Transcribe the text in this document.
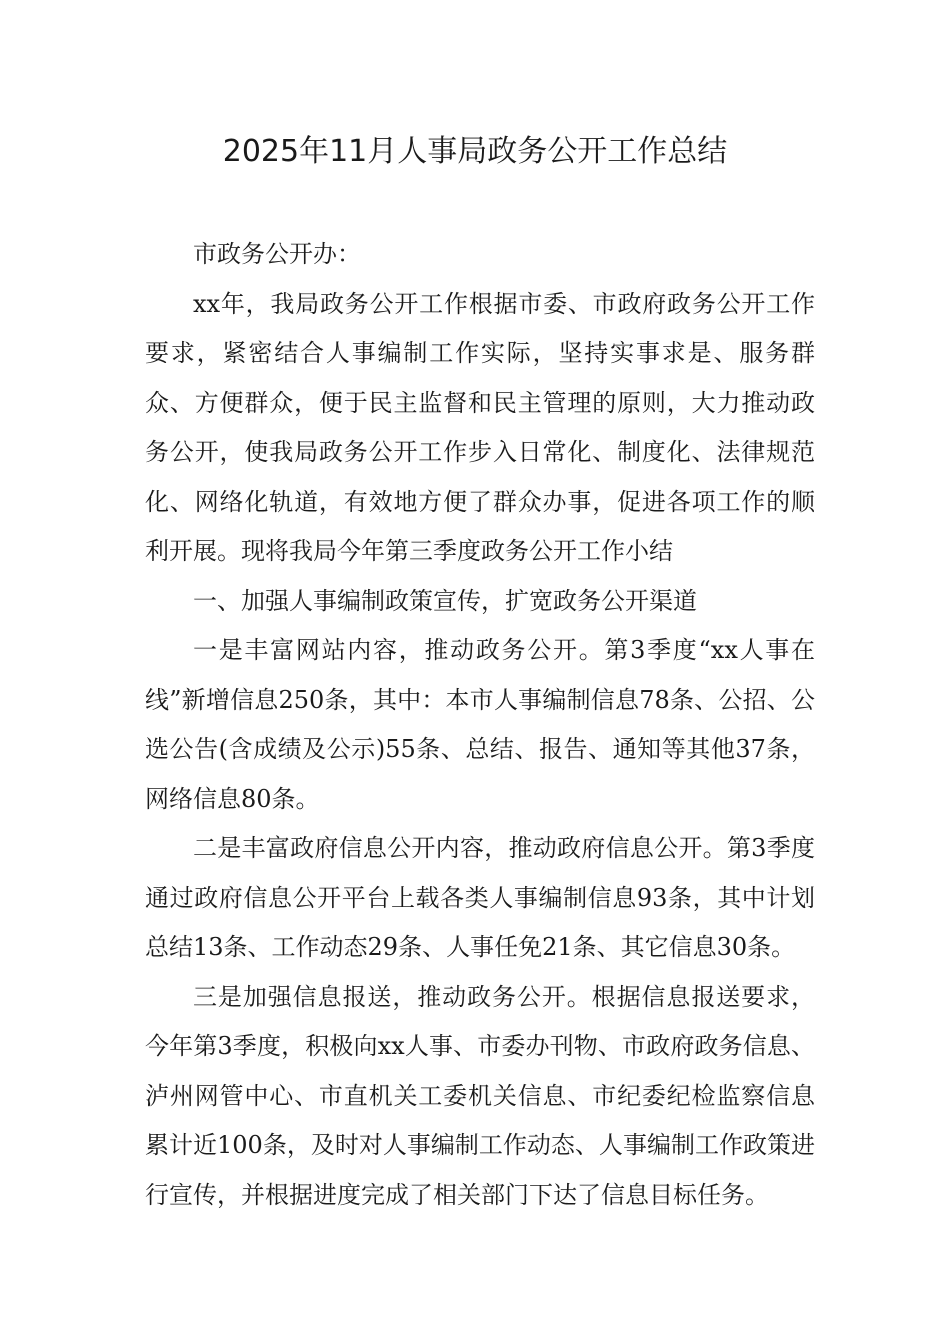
2025年11月人事局政务公开工作总结

市政务公开办：

xx年，我局政务公开工作根据市委、市政府政务公开工作要求，紧密结合人事编制工作实际，坚持实事求是、服务群众、方便群众，便于民主监督和民主管理的原则，大力推动政务公开，使我局政务公开工作步入日常化、制度化、法律规范化、网络化轨道，有效地方便了群众办事，促进各项工作的顺利开展。现将我局今年第三季度政务公开工作小结

一、加强人事编制政策宣传，扩宽政务公开渠道

一是丰富网站内容，推动政务公开。第3季度“xx人事在线”新增信息250条，其中：本市人事编制信息78条、公招、公选公告(含成绩及公示)55条、总结、报告、通知等其他37条，网络信息80条。

二是丰富政府信息公开内容，推动政府信息公开。第3季度通过政府信息公开平台上载各类人事编制信息93条，其中计划总结13条、工作动态29条、人事任免21条、其它信息30条。

三是加强信息报送，推动政务公开。根据信息报送要求，今年第3季度，积极向xx人事、市委办刊物、市政府政务信息、泸州网管中心、市直机关工委机关信息、市纪委纪检监察信息累计近100条，及时对人事编制工作动态、人事编制工作政策进行宣传，并根据进度完成了相关部门下达了信息目标任务。
